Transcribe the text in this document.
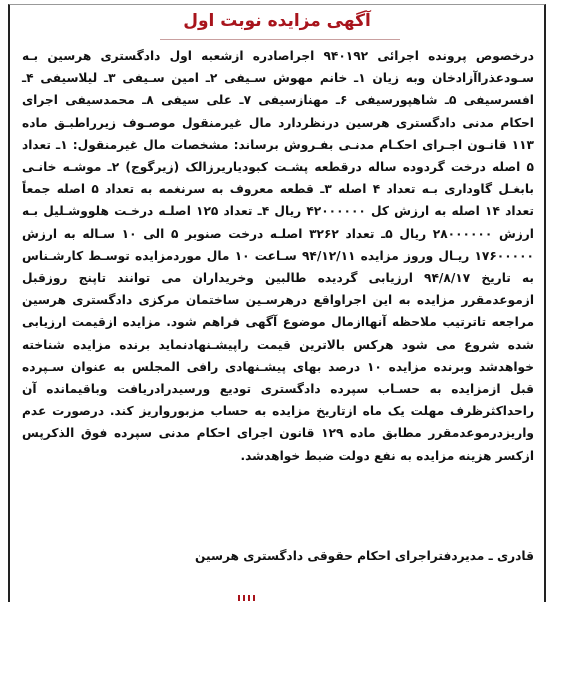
آگهی مزایده نوبت اول
درخصوص پرونده اجرائی ۹۴۰۱۹۲ اجراصادره ازشعبه اول دادگستری هرسین بـه سـودعذراآزادخان وبه زیان ۱ـ خانم مهوش سـیفی ۲ـ امین سـیفی ۳ـ لیلاسیفی ۴ـ افسرسیفی ۵ـ شاهپورسیفی ۶ـ مهنازسیفی ۷ـ علی سیفی ۸ـ محمدسیفی اجرای احکام مدنی دادگستری هرسین درنظردارد مال غیرمنقول موصـوف زیرراطبـق ماده ۱۱۳ قانـون اجـرای احکـام مدنـی بفـروش برساند: مشخصات مال غیرمنقول: ۱ـ تعداد ۵ اصله درخت گردوده ساله درقطعه پشـت کبودیاریرزالک (زیرگوج) ۲ـ موشـه خانـی بابغـل گاوداری بـه تعداد ۴ اصله ۳ـ قطعه معروف به سرنغمه به تعداد ۵ اصله جمعاً تعداد ۱۴ اصله به ارزش کل ۴۲۰۰۰۰۰۰ ریال ۴ـ تعداد ۱۲۵ اصلـه درخـت هلووشـلیل بـه ارزش ۲۸۰۰۰۰۰۰ ریال ۵ـ تعداد ۳۲۶۲ اصلـه درخت صنوبر ۵ الی ۱۰ سـاله به ارزش ۱۷۶۰۰۰۰۰ ریـال وروز مزایده ۹۴/۱۲/۱۱ سـاعت ۱۰ مال موردمزایده توسـط کارشـناس به تاریخ ۹۴/۸/۱۷ ارزیابی گردیده طالبین وخریداران می توانند تاپنج روزقبل ازموعدمقرر مزایده به این اجراواقع درهرسـین ساختمان مرکزی دادگستری هرسین مراجعه تاترتیب ملاحظه آنهاازمال موضوع آگهی فراهم شود. مزایده ازقیمت ارزیابی شده شروع می شود هرکس بالاترین قیمت راپیشـنهادنماید برنده مزایده شناخته خواهدشد وبرنده مزایده ۱۰ درصد بهای پیشـنهادی رافی المجلس به عنوان سـپرده قبل ازمزایده به حسـاب سپرده دادگستری تودیع ورسیدرادریافت وباقیمانده آن راحداکثرظرف مهلت یک ماه ازتاریخ مزایده به حساب مزبورواریز کند. درصورت عدم واریزدرموعدمقرر مطابق ماده ۱۲۹ قانون اجرای احکام مدنی سپرده فوق الذکرپس ازکسر هزینه مزایده به نفع دولت ضبط خواهدشد.
قادری ـ مدیردفتراجرای احکام حقوقی دادگستری هرسین
